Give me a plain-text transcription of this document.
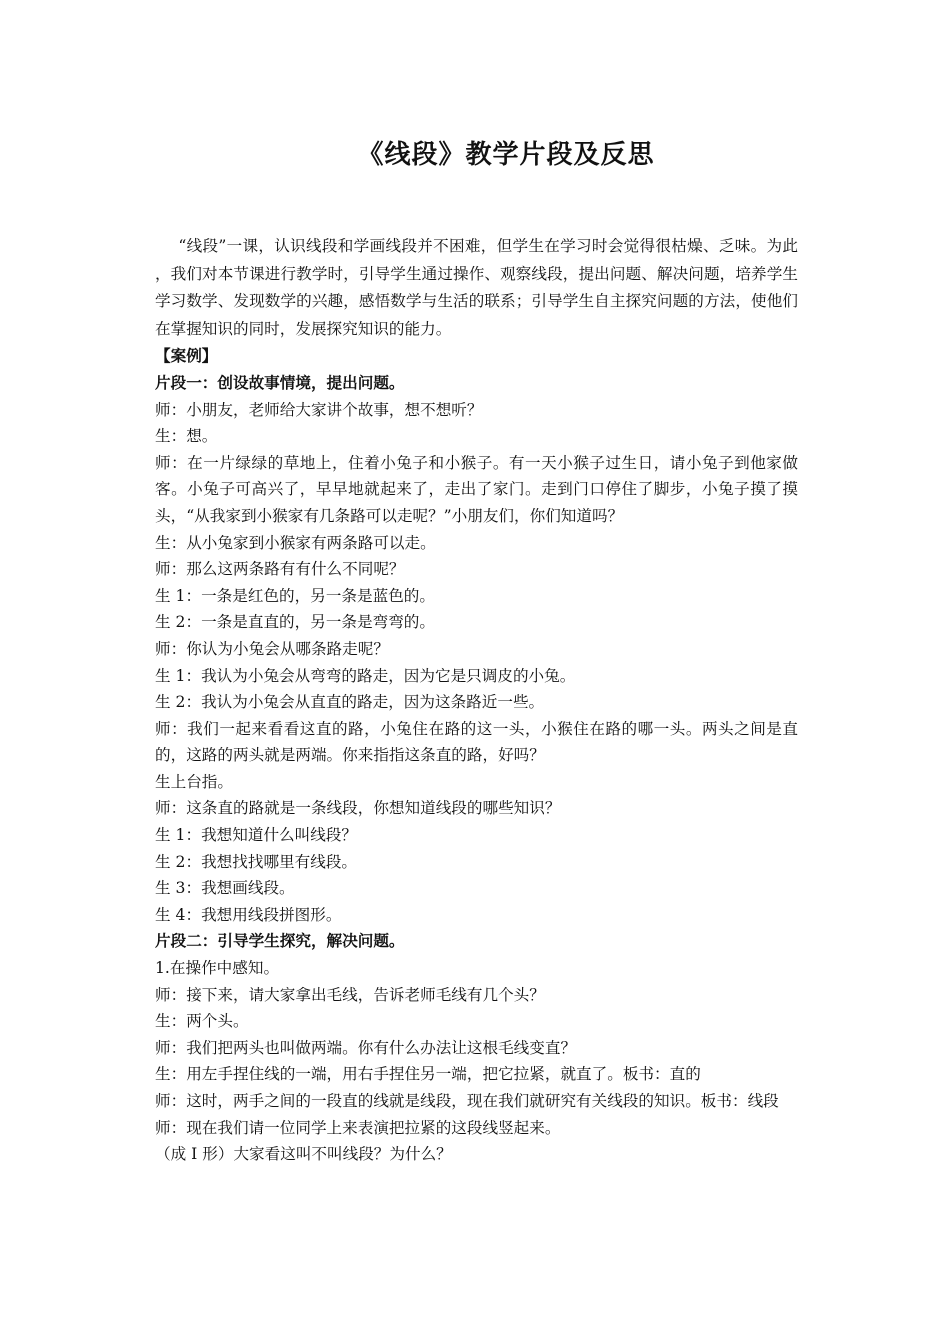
《线段》教学片段及反思

“线段”一课，认识线段和学画线段并不困难，但学生在学习时会觉得很枯燥、乏味。为此 ，我们对本节课进行教学时，引导学生通过操作、观察线段，提出问题、解决问题，培养学生学习数学、发现数学的兴趣，感悟数学与生活的联系；引导学生自主探究问题的方法，使他们在掌握知识的同时，发展探究知识的能力。

【案例】

片段一：创设故事情境，提出问题。

师：小朋友，老师给大家讲个故事，想不想听？

生：想。

师：在一片绿绿的草地上，住着小兔子和小猴子。有一天小猴子过生日，请小兔子到他家做客。小兔子可高兴了，早早地就起来了，走出了家门。走到门口停住了脚步，小兔子摸了摸头，“从我家到小猴家有几条路可以走呢？”小朋友们，你们知道吗？

生：从小兔家到小猴家有两条路可以走。

师：那么这两条路有有什么不同呢？

生 1：一条是红色的，另一条是蓝色的。

生 2：一条是直直的，另一条是弯弯的。

师：你认为小兔会从哪条路走呢？

生 1：我认为小兔会从弯弯的路走，因为它是只调皮的小兔。

生 2：我认为小兔会从直直的路走，因为这条路近一些。

师：我们一起来看看这直的路，小兔住在路的这一头，小猴住在路的哪一头。两头之间是直的，这路的两头就是两端。你来指指这条直的路，好吗？

生上台指。

师：这条直的路就是一条线段，你想知道线段的哪些知识？

生 1：我想知道什么叫线段？

生 2：我想找找哪里有线段。

生 3：我想画线段。

生 4：我想用线段拼图形。

片段二：引导学生探究，解决问题。

1.在操作中感知。

师：接下来，请大家拿出毛线，告诉老师毛线有几个头？

生：两个头。

师：我们把两头也叫做两端。你有什么办法让这根毛线变直？

生：用左手捏住线的一端，用右手捏住另一端，把它拉紧，就直了。板书：直的

师：这时，两手之间的一段直的线就是线段，现在我们就研究有关线段的知识。板书：线段

师：现在我们请一位同学上来表演把拉紧的这段线竖起来。

（成 I 形）大家看这叫不叫线段？为什么？
